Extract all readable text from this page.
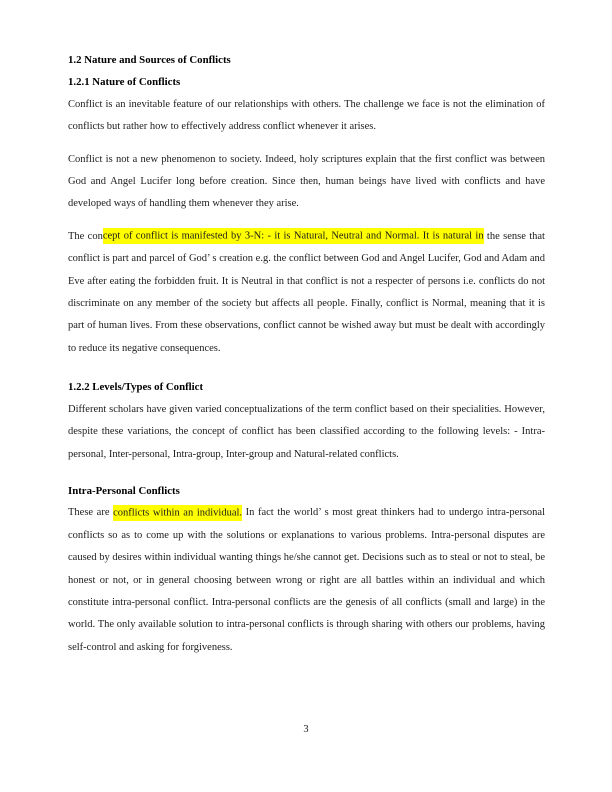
1.2 Nature and Sources of Conflicts
1.2.1 Nature of Conflicts

Conflict is an inevitable feature of our relationships with others. The challenge we face is not the elimination of conflicts but rather how to effectively address conflict whenever it arises.

Conflict is not a new phenomenon to society. Indeed, holy scriptures explain that the first conflict was between God and Angel Lucifer long before creation. Since then, human beings have lived with conflicts and have developed ways of handling them whenever they arise.

The concept of conflict is manifested by 3-N: - it is Natural, Neutral and Normal. It is natural in the sense that conflict is part and parcel of God’ s creation e.g. the conflict between God and Angel Lucifer, God and Adam and Eve after eating the forbidden fruit. It is Neutral in that conflict is not a respecter of persons i.e. conflicts do not discriminate on any member of the society but affects all people. Finally, conflict is Normal, meaning that it is part of human lives. From these observations, conflict cannot be wished away but must be dealt with accordingly to reduce its negative consequences.

1.2.2 Levels/Types of Conflict

Different scholars have given varied conceptualizations of the term conflict based on their specialities. However, despite these variations, the concept of conflict has been classified according to the following levels: - Intra-personal, Inter-personal, Intra-group, Inter-group and Natural-related conflicts.

Intra-Personal Conflicts

These are conflicts within an individual. In fact the world’ s most great thinkers had to undergo intra-personal conflicts so as to come up with the solutions or explanations to various problems. Intra-personal disputes are caused by desires within individual wanting things he/she cannot get. Decisions such as to steal or not to steal, be honest or not, or in general choosing between wrong or right are all battles within an individual and which constitute intra-personal conflict. Intra-personal conflicts are the genesis of all conflicts (small and large) in the world. The only available solution to intra-personal conflicts is through sharing with others our problems, having self-control and asking for forgiveness.

3
